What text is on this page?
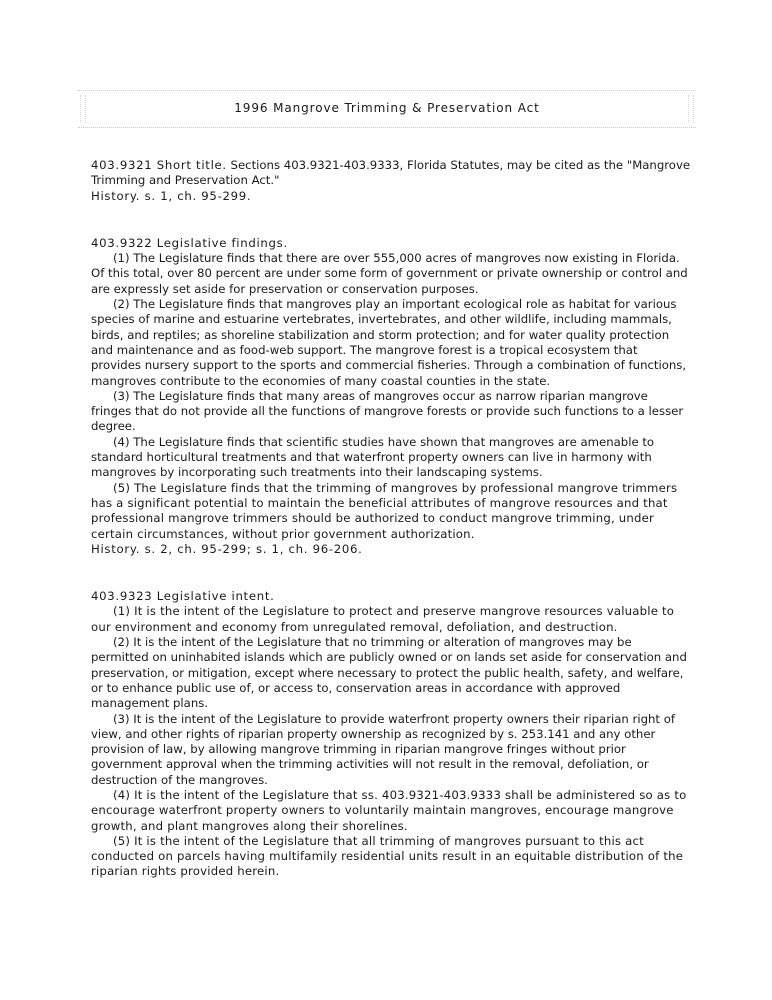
1996 Mangrove Trimming & Preservation Act

403.9321 Short title. Sections 403.9321-403.9333, Florida Statutes, may be cited as the "Mangrove Trimming and Preservation Act."

History. s. 1, ch. 95-299.

403.9322 Legislative findings.

(1) The Legislature finds that there are over 555,000 acres of mangroves now existing in Florida. Of this total, over 80 percent are under some form of government or private ownership or control and are expressly set aside for preservation or conservation purposes.

(2) The Legislature finds that mangroves play an important ecological role as habitat for various species of marine and estuarine vertebrates, invertebrates, and other wildlife, including mammals, birds, and reptiles; as shoreline stabilization and storm protection; and for water quality protection and maintenance and as food-web support. The mangrove forest is a tropical ecosystem that provides nursery support to the sports and commercial fisheries. Through a combination of functions, mangroves contribute to the economies of many coastal counties in the state.

(3) The Legislature finds that many areas of mangroves occur as narrow riparian mangrove fringes that do not provide all the functions of mangrove forests or provide such functions to a lesser degree.

(4) The Legislature finds that scientific studies have shown that mangroves are amenable to standard horticultural treatments and that waterfront property owners can live in harmony with mangroves by incorporating such treatments into their landscaping systems.

(5) The Legislature finds that the trimming of mangroves by professional mangrove trimmers has a significant potential to maintain the beneficial attributes of mangrove resources and that professional mangrove trimmers should be authorized to conduct mangrove trimming, under certain circumstances, without prior government authorization.

History. s. 2, ch. 95-299; s. 1, ch. 96-206.

403.9323 Legislative intent.

(1) It is the intent of the Legislature to protect and preserve mangrove resources valuable to our environment and economy from unregulated removal, defoliation, and destruction.

(2) It is the intent of the Legislature that no trimming or alteration of mangroves may be permitted on uninhabited islands which are publicly owned or on lands set aside for conservation and preservation, or mitigation, except where necessary to protect the public health, safety, and welfare, or to enhance public use of, or access to, conservation areas in accordance with approved management plans.

(3) It is the intent of the Legislature to provide waterfront property owners their riparian right of view, and other rights of riparian property ownership as recognized by s. 253.141 and any other provision of law, by allowing mangrove trimming in riparian mangrove fringes without prior government approval when the trimming activities will not result in the removal, defoliation, or destruction of the mangroves.

(4) It is the intent of the Legislature that ss. 403.9321-403.9333 shall be administered so as to encourage waterfront property owners to voluntarily maintain mangroves, encourage mangrove growth, and plant mangroves along their shorelines.

(5) It is the intent of the Legislature that all trimming of mangroves pursuant to this act conducted on parcels having multifamily residential units result in an equitable distribution of the riparian rights provided herein.
